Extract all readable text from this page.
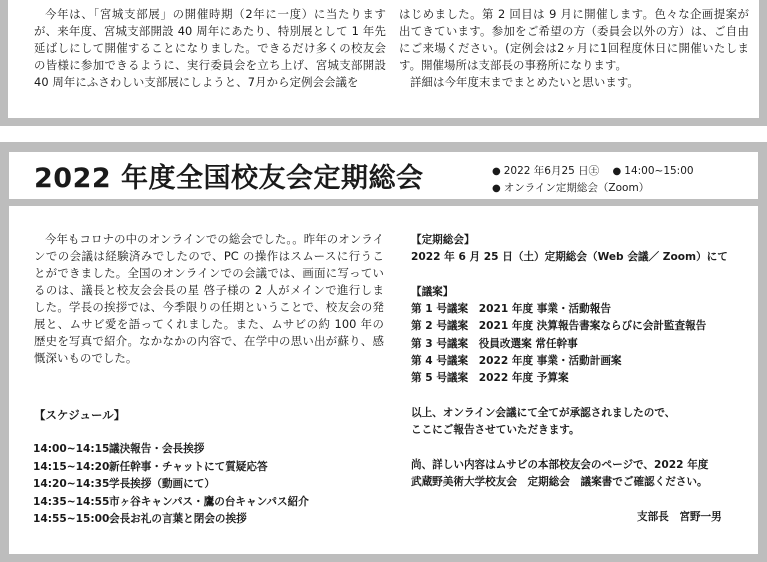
今年は、「宮城支部展」の開催時期（2年に一度）に当たりますが、来年度、宮城支部開設 40 周年にあたり、特別展として 1 年先延ばしにして開催することになりました。できるだけ多くの校友会の皆様に参加できるように、実行委員会を立ち上げ、宮城支部開設 40 周年にふさわしい支部展にしようと、7月から定例会会議を

はじめました。第 2 回目は 9 月に開催します。色々な企画提案が出てきています。参加をご希望の方（委員会以外の方）は、ご自由にご来場ください。(定例会は2ヶ月に1回程度休日に開催いたします。開催場所は支部長の事務所になります。

詳細は今年度末までまとめたいと思います。

2022 年度全国校友会定期総会	● 2022 年6月25 日㊏ ● 14:00~15:00
● オンライン定期総会（Zoom）

今年もコロナの中のオンラインでの総会でした。。昨年のオンラインでの会議は経験済みでしたので、PC の操作はスムースに行うことができました。全国のオンラインでの会議では、画面に写っているのは、議長と校友会会長の星 啓子様の 2 人がメインで進行しました。学長の挨拶では、今季限りの任期ということで、校友会の発展と、ムサビ愛を語ってくれました。また、ムサビの約 100 年の歴史を写真で紹介。なかなかの内容で、在学中の思い出が蘇り、感慨深いものでした。

【スケジュール】
14:00~14:15議決報告・会長挨拶
14:15~14:20新任幹事・チャットにて質疑応答
14:20~14:35学長挨拶（動画にて）
14:35~14:55市ヶ谷キャンパス・鷹の台キャンパス紹介
14:55~15:00会長お礼の言葉と閉会の挨拶
【定期総会】
2022 年 6 月 25 日（土）定期総会（Web 会議／ Zoom）にて
【議案】
第 1 号議案　2021 年度 事業・活動報告
第 2 号議案　2021 年度 決算報告書案ならびに会計監査報告
第 3 号議案　役員改選案 常任幹事
第 4 号議案　2022 年度 事業・活動計画案
第 5 号議案　2022 年度 予算案
以上、オンライン会議にて全てが承認されましたので、
ここにご報告させていただきます。
尚、詳しい内容はムサビの本部校友会のページで、2022 年度
武蔵野美術大学校友会　定期総会　議案書でご確認ください。
支部長　宮野一男
